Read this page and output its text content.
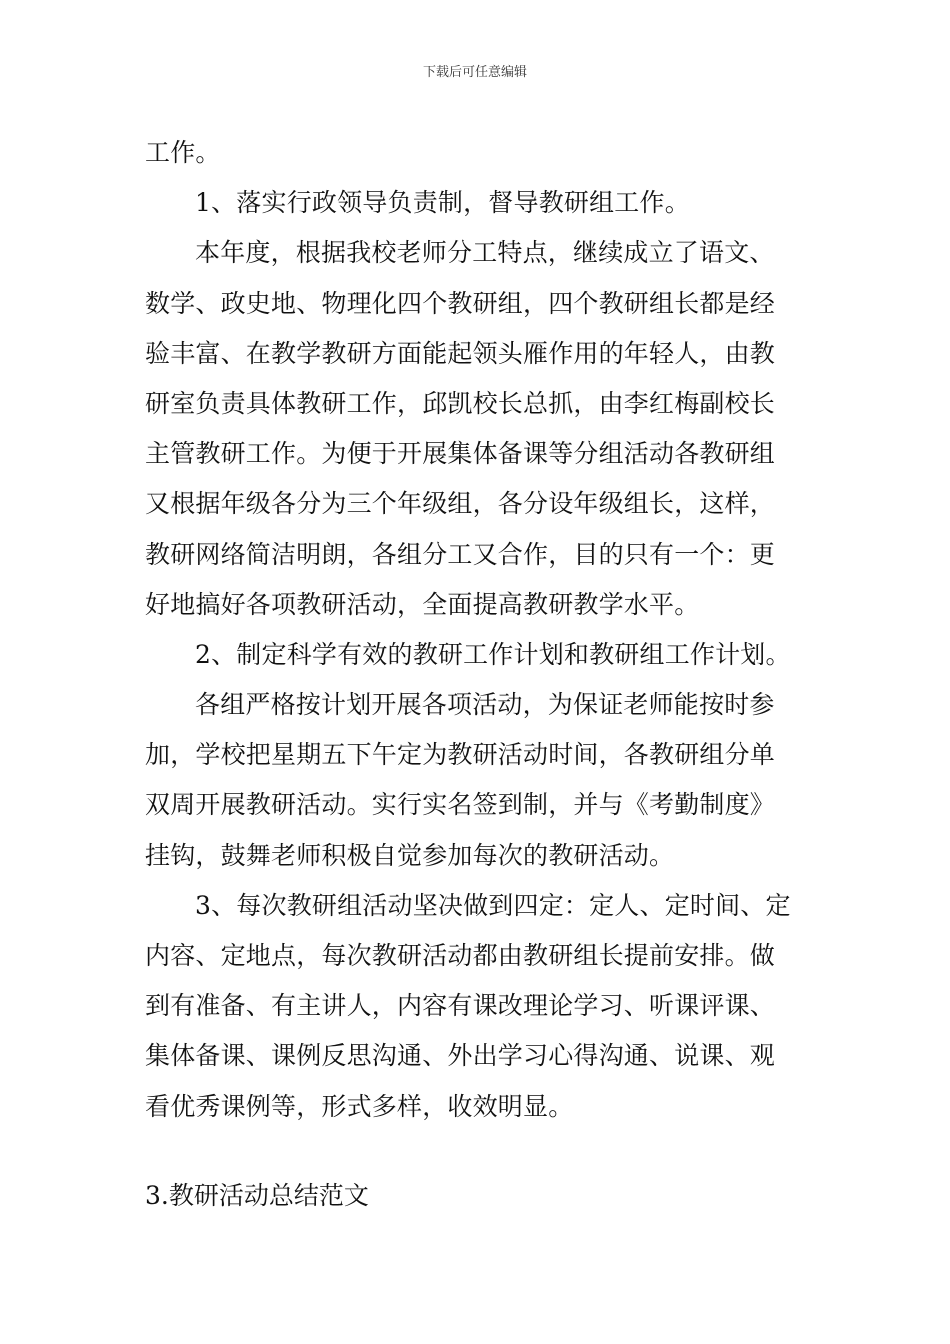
下载后可任意编辑
工作。
1、落实行政领导负责制，督导教研组工作。
本年度，根据我校老师分工特点，继续成立了语文、
数学、政史地、物理化四个教研组，四个教研组长都是经
验丰富、在教学教研方面能起领头雁作用的年轻人，由教
研室负责具体教研工作，邱凯校长总抓，由李红梅副校长
主管教研工作。为便于开展集体备课等分组活动各教研组
又根据年级各分为三个年级组，各分设年级组长，这样，
教研网络简洁明朗，各组分工又合作，目的只有一个：更
好地搞好各项教研活动，全面提高教研教学水平。
2、制定科学有效的教研工作计划和教研组工作计划。
各组严格按计划开展各项活动，为保证老师能按时参
加，学校把星期五下午定为教研活动时间，各教研组分单
双周开展教研活动。实行实名签到制，并与《考勤制度》
挂钩，鼓舞老师积极自觉参加每次的教研活动。
3、每次教研组活动坚决做到四定：定人、定时间、定
内容、定地点，每次教研活动都由教研组长提前安排。做
到有准备、有主讲人，内容有课改理论学习、听课评课、
集体备课、课例反思沟通、外出学习心得沟通、说课、观
看优秀课例等，形式多样，收效明显。
3.教研活动总结范文
